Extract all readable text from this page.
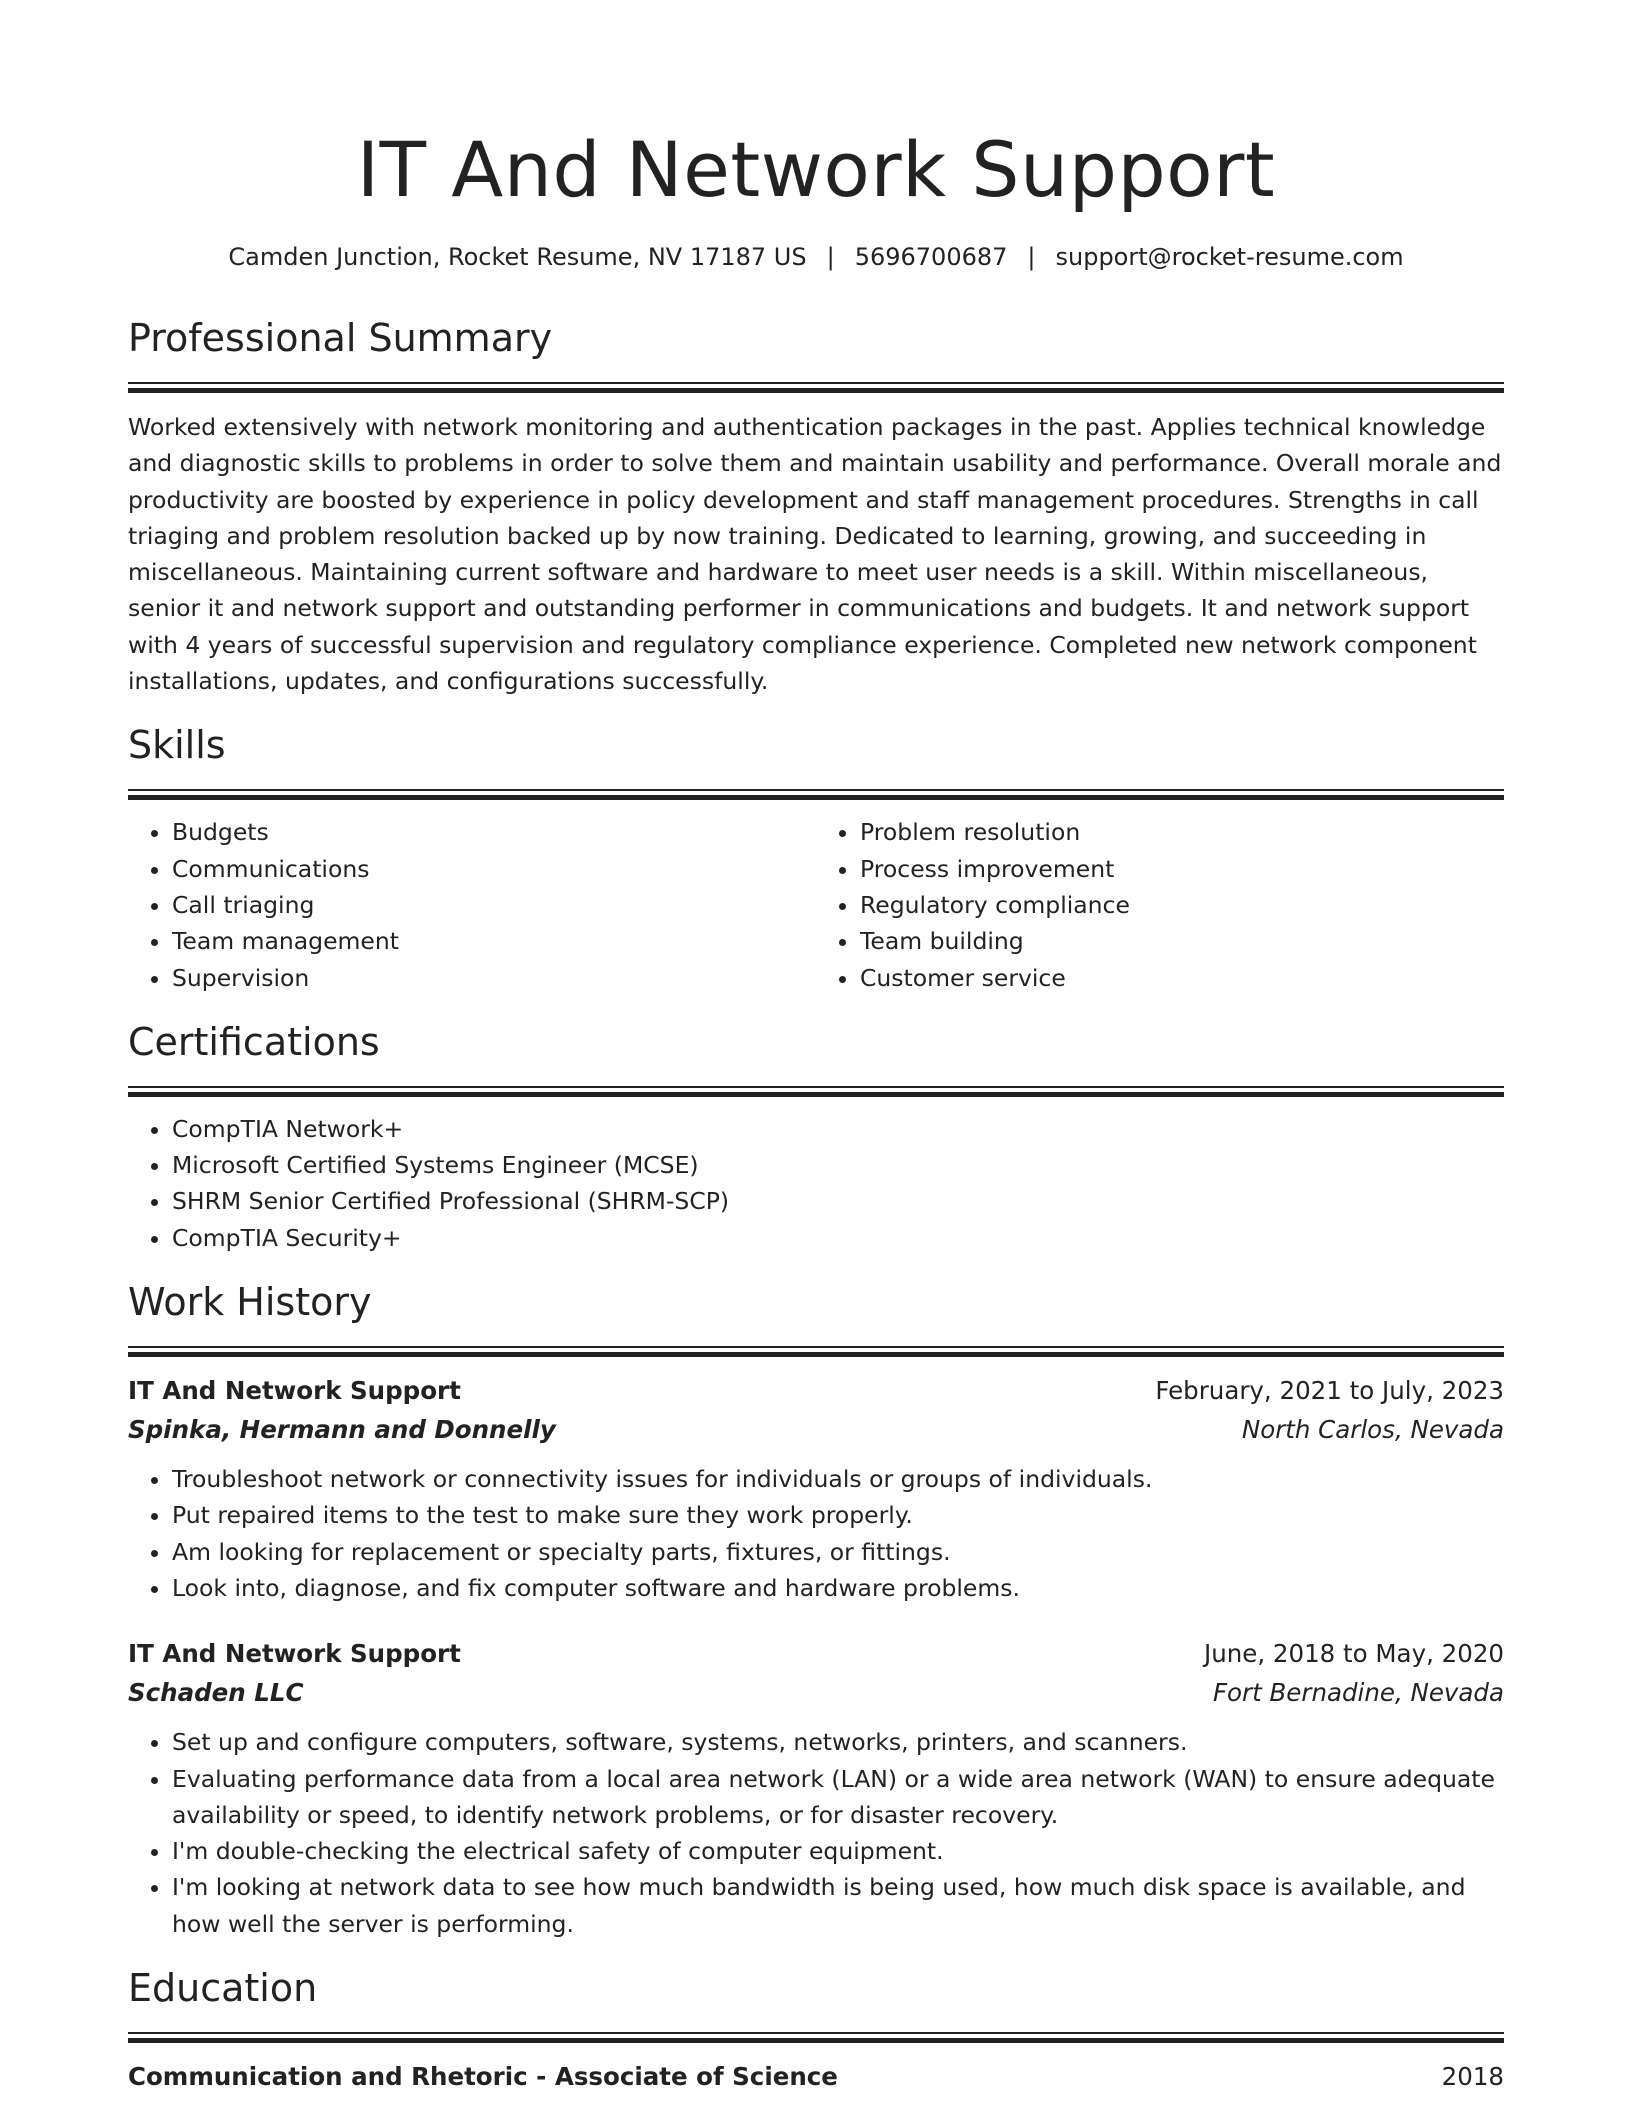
IT And Network Support
Camden Junction, Rocket Resume, NV 17187 US | 5696700687 | support@rocket-resume.com
Professional Summary

Worked extensively with network monitoring and authentication packages in the past. Applies technical knowledge and diagnostic skills to problems in order to solve them and maintain usability and performance. Overall morale and productivity are boosted by experience in policy development and staff management procedures. Strengths in call triaging and problem resolution backed up by now training. Dedicated to learning, growing, and succeeding in miscellaneous. Maintaining current software and hardware to meet user needs is a skill. Within miscellaneous, senior it and network support and outstanding performer in communications and budgets. It and network support with 4 years of successful supervision and regulatory compliance experience. Completed new network component installations, updates, and configurations successfully.

Skills
• Budgets
• Communications
• Call triaging
• Team management
• Supervision
• Problem resolution
• Process improvement
• Regulatory compliance
• Team building
• Customer service
Certifications
• CompTIA Network+
• Microsoft Certified Systems Engineer (MCSE)
• SHRM Senior Certified Professional (SHRM-SCP)
• CompTIA Security+
Work History
IT And Network Support	February, 2021 to July, 2023
Spinka, Hermann and Donnelly	North Carlos, Nevada
• Troubleshoot network or connectivity issues for individuals or groups of individuals.
• Put repaired items to the test to make sure they work properly.
• Am looking for replacement or specialty parts, fixtures, or fittings.
• Look into, diagnose, and fix computer software and hardware problems.
IT And Network Support	June, 2018 to May, 2020
Schaden LLC	Fort Bernadine, Nevada
• Set up and configure computers, software, systems, networks, printers, and scanners.
• Evaluating performance data from a local area network (LAN) or a wide area network (WAN) to ensure adequate availability or speed, to identify network problems, or for disaster recovery.
• I'm double-checking the electrical safety of computer equipment.
• I'm looking at network data to see how much bandwidth is being used, how much disk space is available, and how well the server is performing.
Education
Communication and Rhetoric - Associate of Science	2018
